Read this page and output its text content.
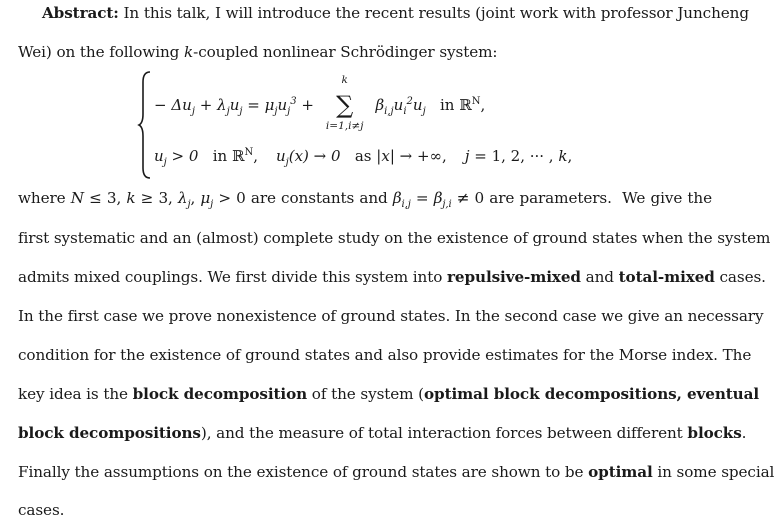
Abstract: In this talk, I will introduce the recent results (joint work with professor Juncheng
Wei) on the following k-coupled nonlinear Schrödinger system:
− $\Delta u_j + \lambda_ju_j = \mu_ju_j^3$ +
k
∑
i=1,i≠j
$\beta_{i,j}u_i^2u_j$   in ℝ$^N$,
$u_j > 0$   in ℝ$^N$, $u_j(x) \to 0$   as |x| → +∞, j = 1, 2, ··· , k,
where N ≤ 3, k ≥ 3, $\lambda_j$, $\mu_j > 0$ are constants and $\beta_{i,j} = \beta_{j,i} \ne 0$ are parameters.  We give the
first systematic and an (almost) complete study on the existence of ground states when the system
admits mixed couplings. We first divide this system into repulsive-mixed and total-mixed cases.
In the first case we prove nonexistence of ground states. In the second case we give an necessary
condition for the existence of ground states and also provide estimates for the Morse index. The
key idea is the block decomposition of the system (optimal block decompositions, eventual
block decompositions), and the measure of total interaction forces between different blocks.
Finally the assumptions on the existence of ground states are shown to be optimal in some special
cases.
